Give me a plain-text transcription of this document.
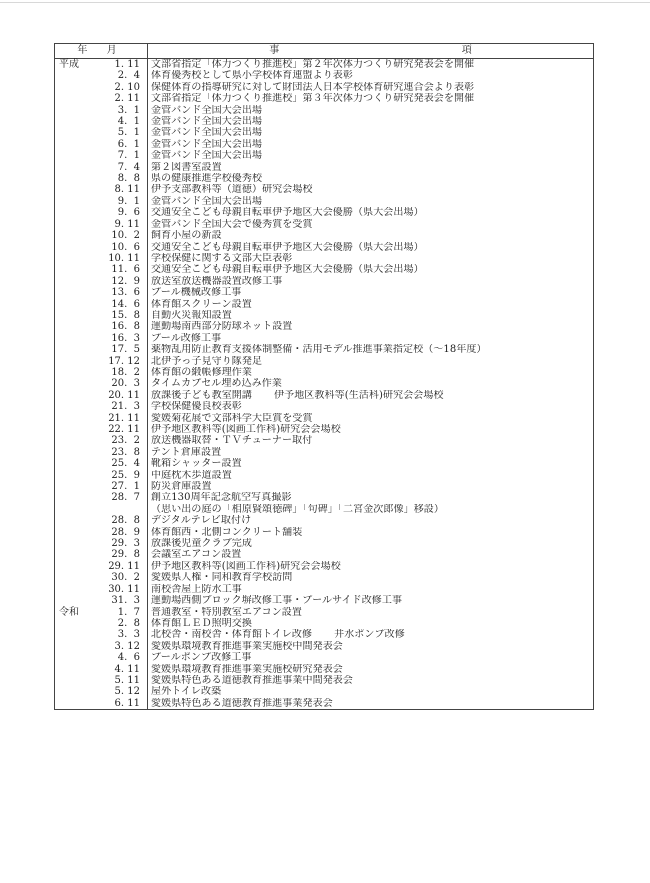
年 月	事	項
平成	1. 11	文部省指定「体力つくり推進校」第２年次体力つくり研究発表会を開催
2.  4	体育優秀校として県小学校体育連盟より表彰
2. 10	保健体育の指導研究に対して財団法人日本学校体育研究連合会より表彰
2. 11	文部省指定「体力つくり推進校」第３年次体力つくり研究発表会を開催
3.  1	金管バンド全国大会出場
4.  1	金管バンド全国大会出場
5.  1	金管バンド全国大会出場
6.  1	金管バンド全国大会出場
7.  1	金管バンド全国大会出場
7.  4	第２図書室設置
8.  8	県の健康推進学校優秀校
8. 11	伊予支部教科等（道徳）研究会場校
9.  1	金管バンド全国大会出場
9.  6	交通安全こども母親自転車伊予地区大会優勝（県大会出場）
9. 11	金管バンド全国大会で優秀賞を受賞
10.  2	飼育小屋の新設
10.  6	交通安全こども母親自転車伊予地区大会優勝（県大会出場）
10. 11	学校保健に関する文部大臣表彰
11.  6	交通安全こども母親自転車伊予地区大会優勝（県大会出場）
12.  9	放送室放送機器設置改修工事
13.  6	プール機械改修工事
14.  6	体育館スクリーン設置
15.  8	自動火災報知設置
16.  8	運動場南西部分防球ネット設置
16.  3	プール改修工事
17.  5	薬物乱用防止教育支援体制整備・活用モデル推進事業指定校（～18年度）
17. 12	北伊予っ子見守り隊発足
18.  2	体育館の緞帳修理作業
20.  3	タイムカプセル埋め込み作業
20. 11	放課後子ども教室開講 伊予地区教科等(生活科)研究会会場校
21.  3	学校保健優良校表彰
21. 11	愛媛菊花展で文部科学大臣賞を受賞
22. 11	伊予地区教科等(図画工作科)研究会会場校
23.  2	放送機器取替・ＴＶチューナー取付
23.  8	テント倉庫設置
25.  4	靴箱シャッター設置
25.  9	中庭枕木歩道設置
27.  1	防災倉庫設置
28.  7	創立130周年記念航空写真撮影
（思い出の庭の「相原賢頌徳碑」「句碑」「二宮金次郎像」移設）
28.  8	デジタルテレビ取付け
28.  9	体育館西・北側コンクリート舗装
29.  3	放課後児童クラブ完成
29.  8	会議室エアコン設置
29. 11	伊予地区教科等(図画工作科)研究会会場校
30.  2	愛媛県人権・同和教育学校訪問
30. 11	南校舎屋上防水工事
31.  3	運動場西側ブロック塀改修工事・プールサイド改修工事
令和	1.  7	普通教室・特別教室エアコン設置
2.  8	体育館ＬＥＤ照明交換
3.  3	北校舎・南校舎・体育館トイレ改修 井水ポンプ改修
3. 12	愛媛県環境教育推進事業実施校中間発表会
4.  6	プールポンプ改修工事
4. 11	愛媛県環境教育推進事業実施校研究発表会
5. 11	愛媛県特色ある道徳教育推進事業中間発表会
5. 12	屋外トイレ改築
6. 11	愛媛県特色ある道徳教育推進事業発表会
